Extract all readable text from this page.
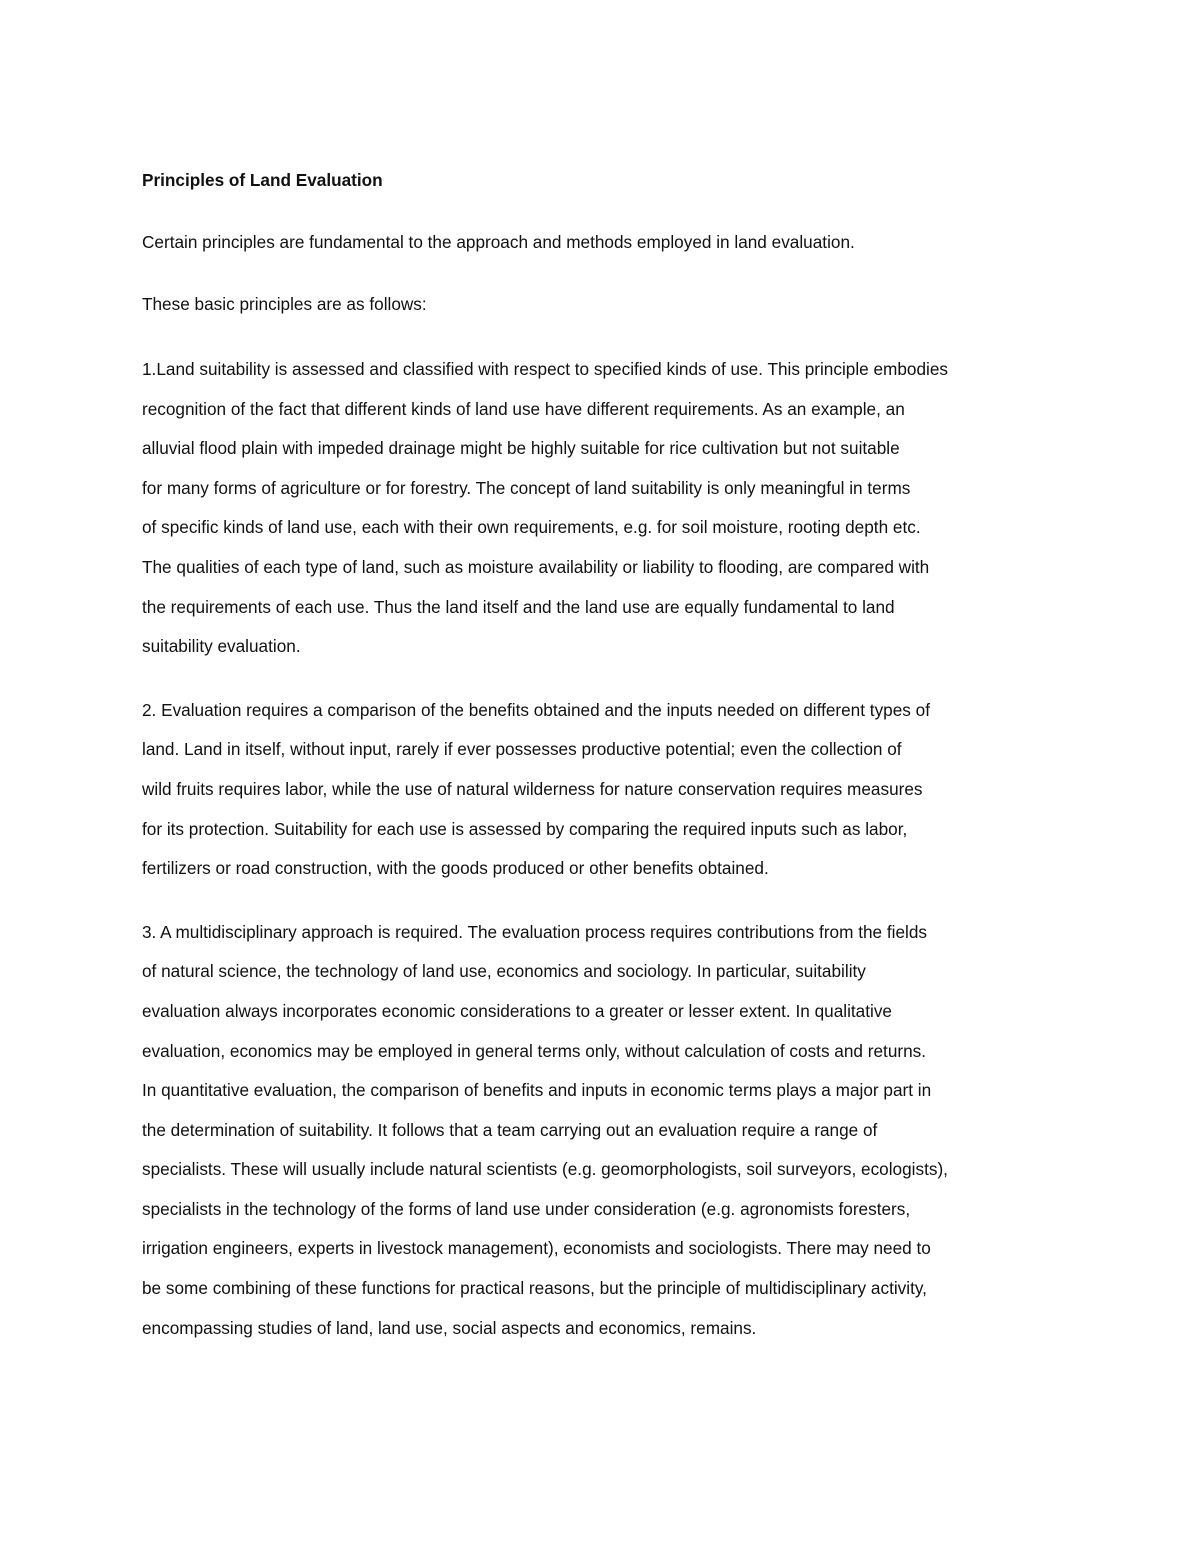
Principles of Land Evaluation

Certain principles are fundamental to the approach and methods employed in land evaluation.

These basic principles are as follows:

1.Land suitability is assessed and classified with respect to specified kinds of use. This principle embodies
recognition of the fact that different kinds of land use have different requirements. As an example, an
alluvial flood plain with impeded drainage might be highly suitable for rice cultivation but not suitable
for many forms of agriculture or for forestry. The concept of land suitability is only meaningful in terms
of specific kinds of land use, each with their own requirements, e.g. for soil moisture, rooting depth etc.
The qualities of each type of land, such as moisture availability or liability to flooding, are compared with
the requirements of each use. Thus the land itself and the land use are equally fundamental to land
suitability evaluation.

2. Evaluation requires a comparison of the benefits obtained and the inputs needed on different types of
land. Land in itself, without input, rarely if ever possesses productive potential; even the collection of
wild fruits requires labor, while the use of natural wilderness for nature conservation requires measures
for its protection. Suitability for each use is assessed by comparing the required inputs such as labor,
fertilizers or road construction, with the goods produced or other benefits obtained.

3. A multidisciplinary approach is required. The evaluation process requires contributions from the fields
of natural science, the technology of land use, economics and sociology. In particular, suitability
evaluation always incorporates economic considerations to a greater or lesser extent. In qualitative
evaluation, economics may be employed in general terms only, without calculation of costs and returns.
In quantitative evaluation, the comparison of benefits and inputs in economic terms plays a major part in
the determination of suitability. It follows that a team carrying out an evaluation require a range of
specialists. These will usually include natural scientists (e.g. geomorphologists, soil surveyors, ecologists),
specialists in the technology of the forms of land use under consideration (e.g. agronomists foresters,
irrigation engineers, experts in livestock management), economists and sociologists. There may need to
be some combining of these functions for practical reasons, but the principle of multidisciplinary activity,
encompassing studies of land, land use, social aspects and economics, remains.
